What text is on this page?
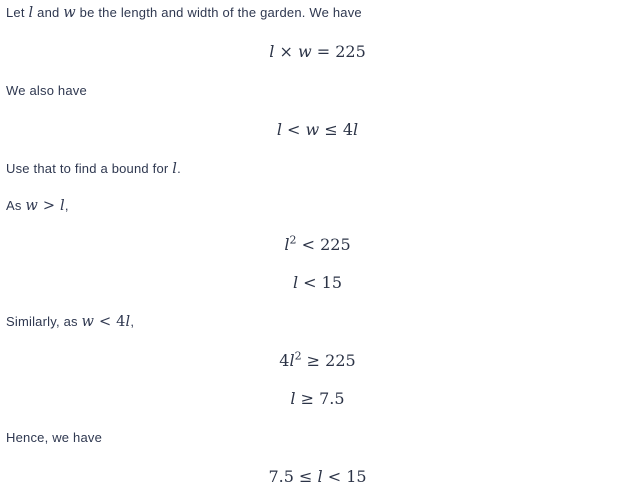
Let l and w be the length and width of the garden. We have
l × w = 225
We also have
l < w ≤ 4l
Use that to find a bound for l.
As w > l,
$l^2 < 225$
l < 15
Similarly, as w < 4l,
$4l^2 \ge 225$
l ≥ 7.5
Hence, we have
7.5 ≤ l < 15
